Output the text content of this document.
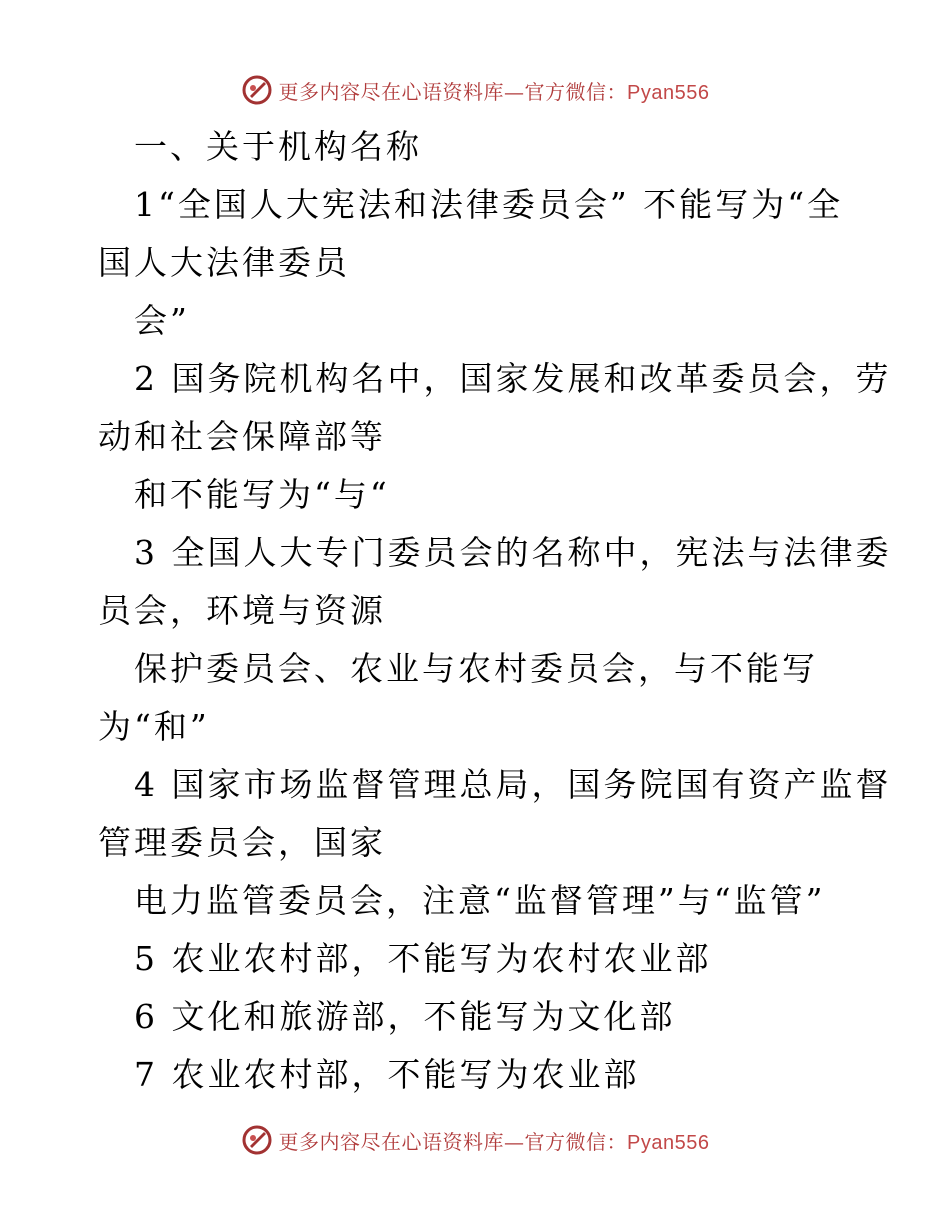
更多内容尽在心语资料库—官方微信：Pyan556
一、关于机构名称
1“全国人大宪法和法律委员会” 不能写为“全
国人大法律委员
会”
2 国务院机构名中，国家发展和改革委员会，劳
动和社会保障部等
和不能写为“与“
3 全国人大专门委员会的名称中，宪法与法律委
员会，环境与资源
保护委员会、农业与农村委员会，与不能写
为“和”
4 国家市场监督管理总局，国务院国有资产监督
管理委员会，国家
电力监管委员会，注意“监督管理”与“监管”
5 农业农村部，不能写为农村农业部
6 文化和旅游部，不能写为文化部
7 农业农村部，不能写为农业部
更多内容尽在心语资料库—官方微信：Pyan556
